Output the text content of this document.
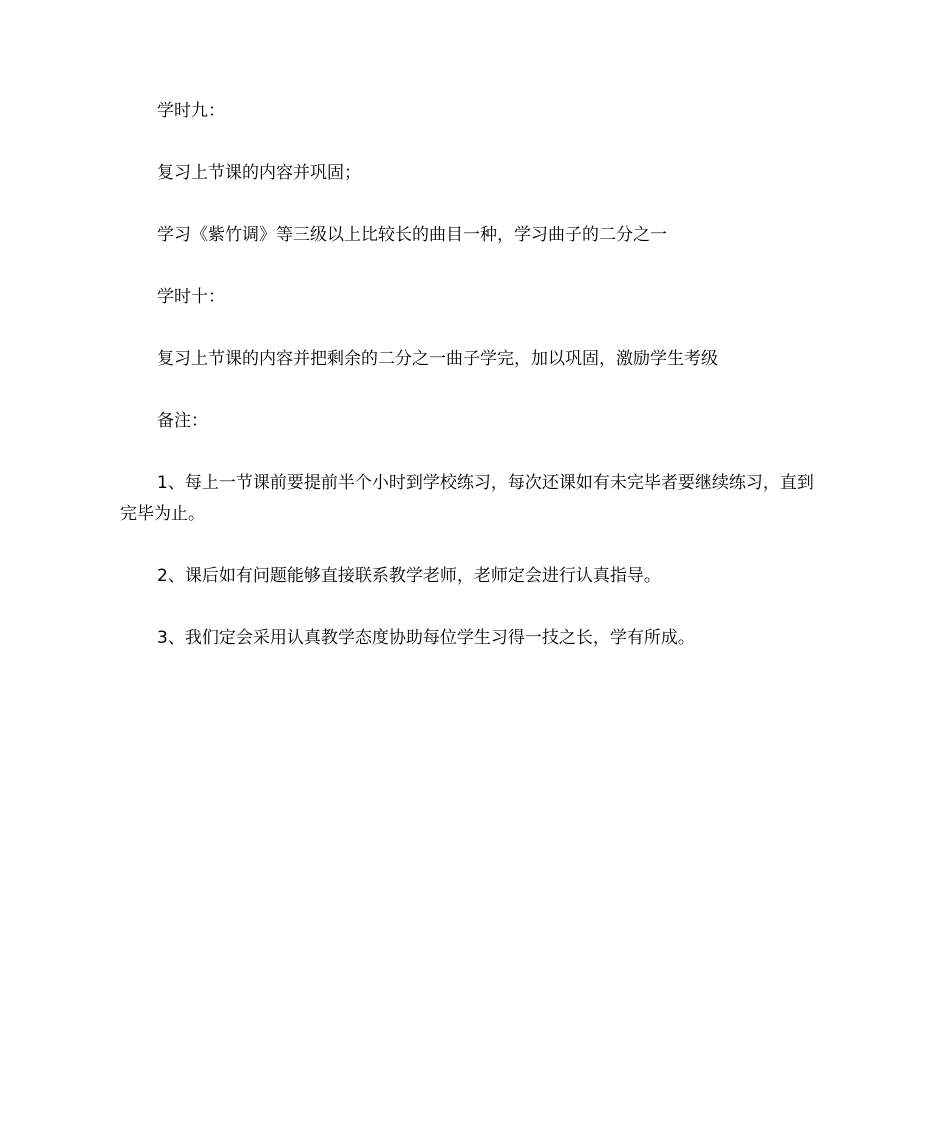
学时九：

复习上节课的内容并巩固；

学习《紫竹调》等三级以上比较长的曲目一种，学习曲子的二分之一

学时十：

复习上节课的内容并把剩余的二分之一曲子学完，加以巩固，激励学生考级

备注：

1、每上一节课前要提前半个小时到学校练习，每次还课如有未完毕者要继续练习，直到完毕为止。

2、课后如有问题能够直接联系教学老师，老师定会进行认真指导。

3、我们定会采用认真教学态度协助每位学生习得一技之长，学有所成。
